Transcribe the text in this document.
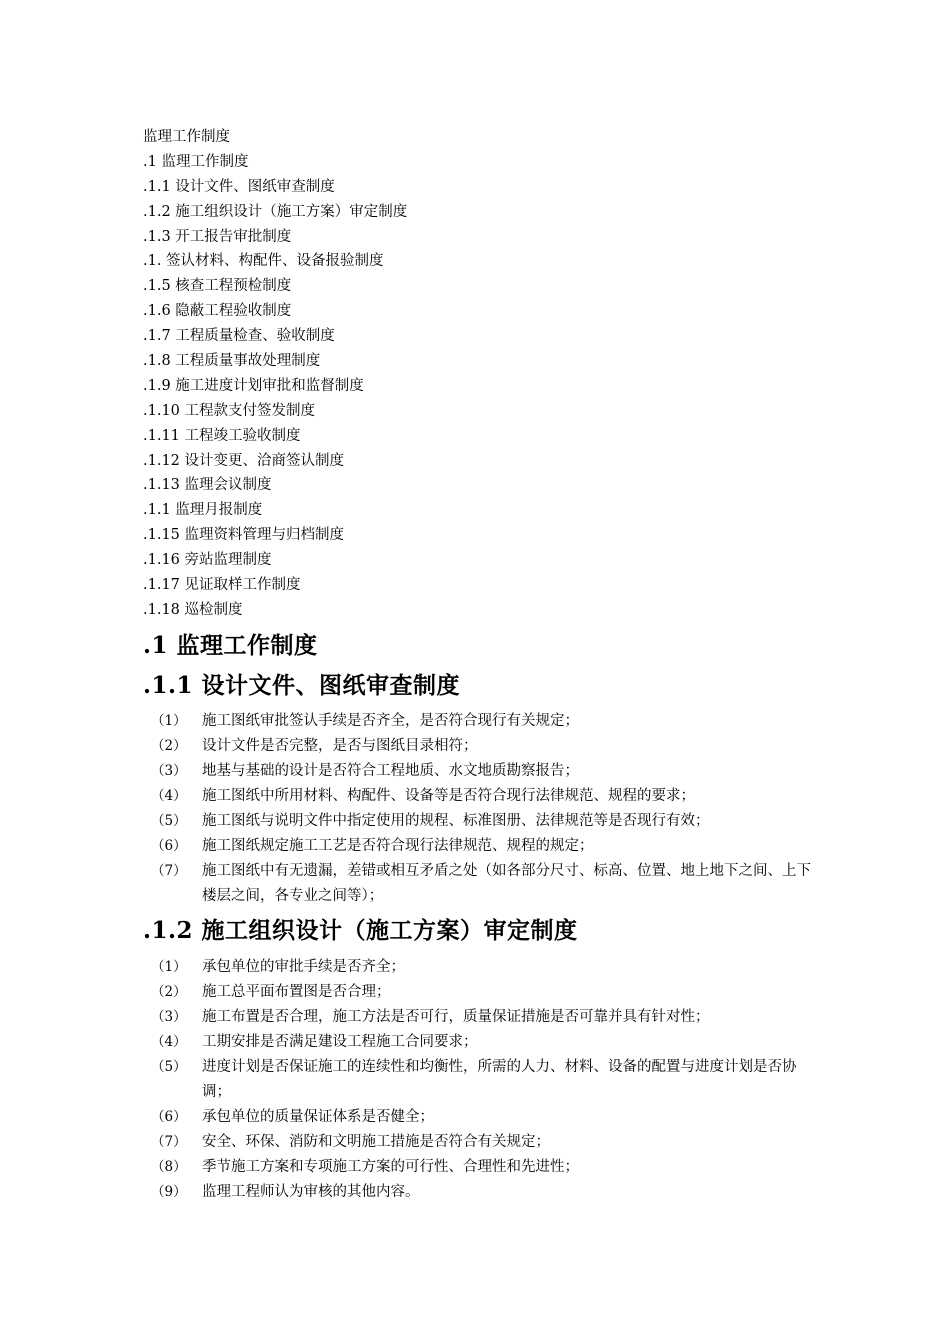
监理工作制度
.1 监理工作制度
.1.1 设计文件、图纸审查制度
.1.2 施工组织设计（施工方案）审定制度
.1.3 开工报告审批制度
.1. 签认材料、构配件、设备报验制度
.1.5 核查工程预检制度
.1.6 隐蔽工程验收制度
.1.7 工程质量检查、验收制度
.1.8 工程质量事故处理制度
.1.9 施工进度计划审批和监督制度
.1.10 工程款支付签发制度
.1.11 工程竣工验收制度
.1.12 设计变更、洽商签认制度
.1.13 监理会议制度
.1.1 监理月报制度
.1.15 监理资料管理与归档制度
.1.16 旁站监理制度
.1.17 见证取样工作制度
.1.18 巡检制度
.1 监理工作制度
.1.1 设计文件、图纸审查制度
（1） 施工图纸审批签认手续是否齐全，是否符合现行有关规定；
（2） 设计文件是否完整，是否与图纸目录相符；
（3） 地基与基础的设计是否符合工程地质、水文地质勘察报告；
（4） 施工图纸中所用材料、构配件、设备等是否符合现行法律规范、规程的要求；
（5） 施工图纸与说明文件中指定使用的规程、标准图册、法律规范等是否现行有效；
（6） 施工图纸规定施工工艺是否符合现行法律规范、规程的规定；
（7） 施工图纸中有无遗漏，差错或相互矛盾之处（如各部分尺寸、标高、位置、地上地下之间、上下楼层之间，各专业之间等）；
.1.2 施工组织设计（施工方案）审定制度
（1） 承包单位的审批手续是否齐全；
（2） 施工总平面布置图是否合理；
（3） 施工布置是否合理，施工方法是否可行，质量保证措施是否可靠并具有针对性；
（4） 工期安排是否满足建设工程施工合同要求；
（5） 进度计划是否保证施工的连续性和均衡性，所需的人力、材料、设备的配置与进度计划是否协调；
（6） 承包单位的质量保证体系是否健全；
（7） 安全、环保、消防和文明施工措施是否符合有关规定；
（8） 季节施工方案和专项施工方案的可行性、合理性和先进性；
（9） 监理工程师认为审核的其他内容。
